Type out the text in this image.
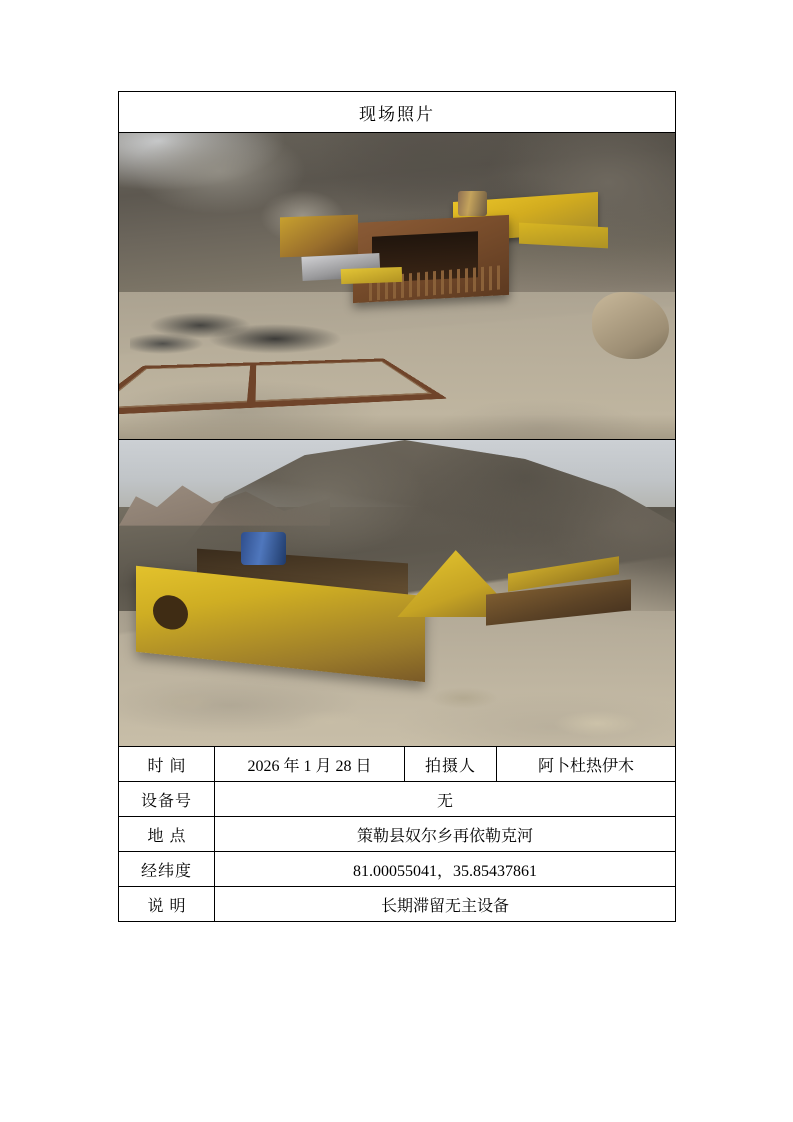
现场照片			

时间	2026 年 1 月 28 日	拍摄人	阿卜杜热伊木
设备号	无		
地点	策勒县奴尔乡再依勒克河		
经纬度	81.00055041，35.85437861		
说明	长期滞留无主设备		
